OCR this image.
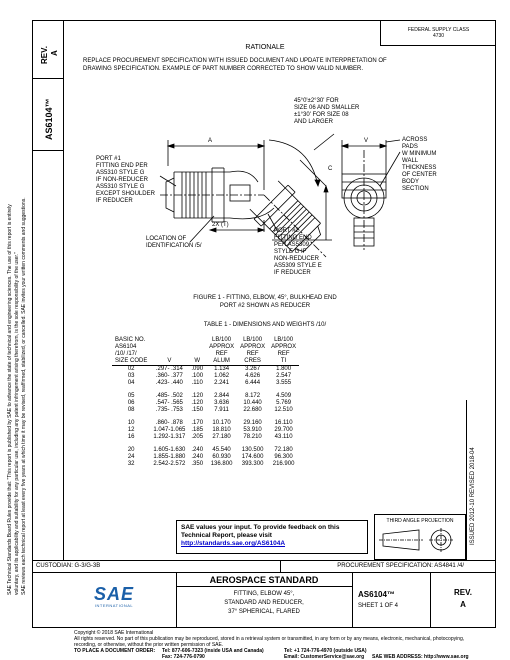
SAE Technical Standards Board Rules provide that: "This report is published by SAE to advance the state of technical and engineering sciences. The use of this report is entirely voluntary, and its applicability and suitability for any particular use, including any patent infringement arising therefrom, is the sole responsibility of the user." SAE reviews each technical report at least every five years at which time it may be revised, reaffirmed, stabilized, or cancelled. SAE invites your written comments and suggestions.
REV. A
AS6104™
ISSUED 2012-10 REVISED 2018-04
FEDERAL SUPPLY CLASS
4730
RATIONALE
REPLACE PROCUREMENT SPECIFICATION WITH ISSUED DOCUMENT AND UPDATE INTERPRETATION OF
DRAWING SPECIFICATION. EXAMPLE OF PART NUMBER CORRECTED TO SHOW VALID NUMBER.
45°0'±2°30' FOR
SIZE 06 AND SMALLER
±1°30' FOR SIZE 08
AND LARGER
A
C
V
2X (T)
PORT #1
FITTING END PER
AS5310 STYLE G
IF NON-REDUCER
AS5310 STYLE G
EXCEPT SHOULDER
IF REDUCER
LOCATION OF
IDENTIFICATION /5/
PORT #2
FITTING END
PER AS5309
STYLE G IF
NON-REDUCER
AS5309 STYLE E
IF REDUCER
ACROSS
PADS
W MINIMUM
WALL
THICKNESS
OF CENTER
BODY
SECTION
FIGURE 1 - FITTING, ELBOW, 45°, BULKHEAD END
PORT #2 SHOWN AS REDUCER
TABLE 1 - DIMENSIONS AND WEIGHTS /10/
BASIC NO.			LB/100	LB/100	LB/100
AS6104			APPROX	APPROX	APPROX
/10/ /17/			REF	REF	REF
SIZE CODE	V	W	ALUM	CRES	TI
02	.297- .314	.090	1.134	3.267	1.800
03	.360- .377	.100	1.062	4.626	2.547
04	.423- .440	.110	2.241	6.444	3.555

05	.485- .502	.120	2.844	8.172	4.509
06	.547- .565	.120	3.636	10.440	5.769
08	.735- .753	.150	7.911	22.680	12.510

10	.860- .878	.170	10.170	29.160	16.110
12	1.047-1.065	.185	18.810	53.910	29.700
16	1.292-1.317	.205	27.180	78.210	43.110

20	1.605-1.630	.240	45.540	130.500	72.180
24	1.855-1.880	.240	60.930	174.600	96.300
32	2.542-2.572	.350	136.800	393.300	216.900
SAE values your input. To provide feedback on this
Technical Report, please visit
http://standards.sae.org/AS6104A
THIRD ANGLE PROJECTION
CUSTODIAN: G-3/G-3B	PROCUREMENT SPECIFICATION: AS4841 /4/
SAE
INTERNATIONAL
AEROSPACE STANDARD
FITTING, ELBOW 45°,
STANDARD AND REDUCER,
37° SPHERICAL, FLARED
AS6104™
SHEET 1 OF 4
REV.
A
Copyright © 2018 SAE International
All rights reserved. No part of this publication may be reproduced, stored in a retrieval system or transmitted, in any form or by any means, electronic, mechanical, photocopying,
recording, or otherwise, without the prior written permission of SAE.
TO PLACE A DOCUMENT ORDER: Tel: 877-606-7323 (inside USA and Canada)
Fax: 724-776-0790
Tel: +1 724-776-4970 (outside USA)
Email: CustomerService@sae.org SAE WEB ADDRESS: http://www.sae.org
